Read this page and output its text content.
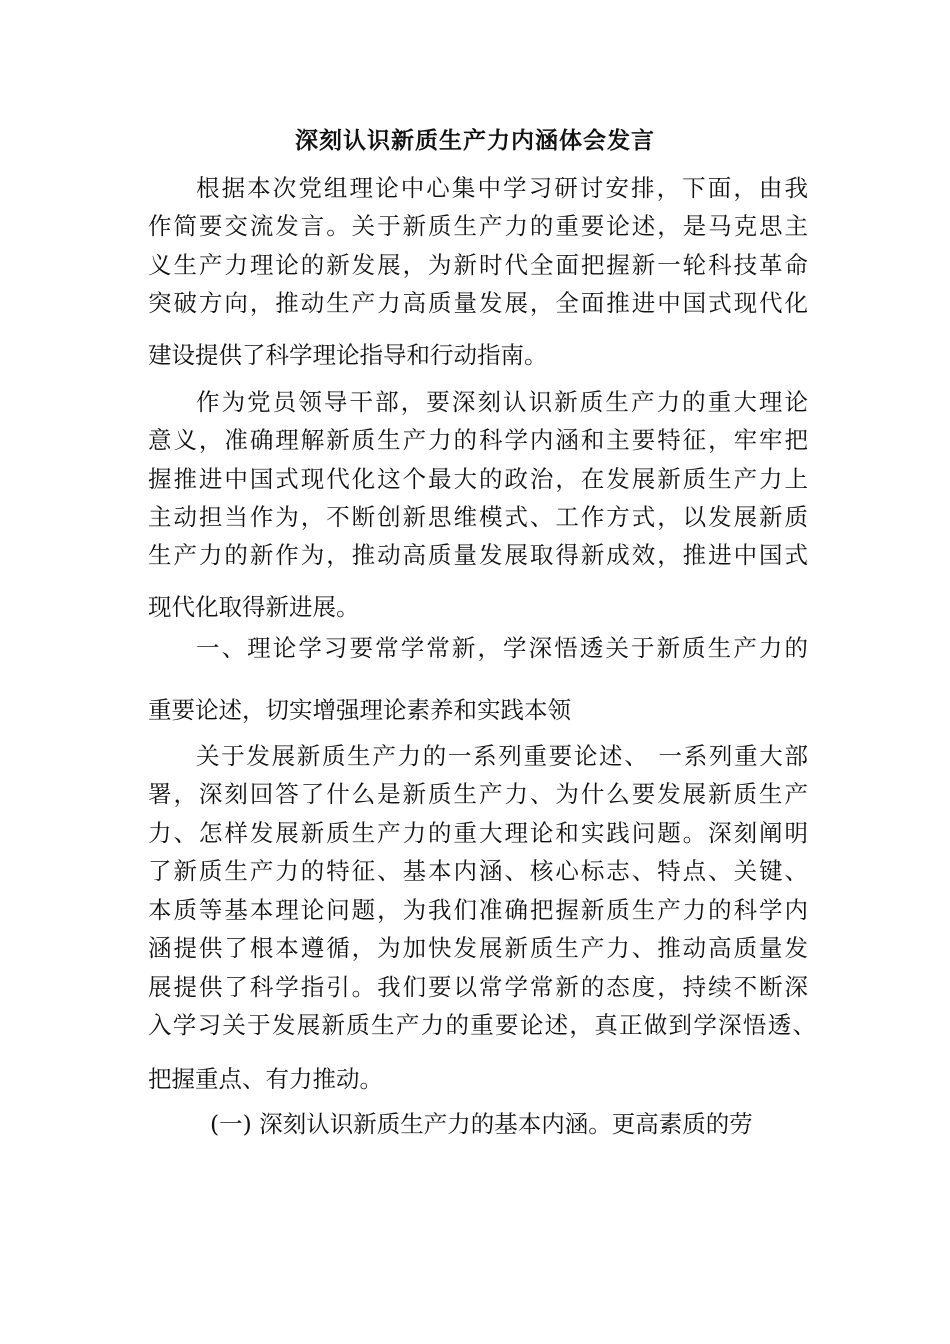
深刻认识新质生产力内涵体会发言
根据本次党组理论中心集中学习研讨安排，下面，由我
作简要交流发言。关于新质生产力的重要论述，是马克思主
义生产力理论的新发展，为新时代全面把握新一轮科技革命
突破方向，推动生产力高质量发展，全面推进中国式现代化
建设提供了科学理论指导和行动指南。
作为党员领导干部，要深刻认识新质生产力的重大理论
意义，准确理解新质生产力的科学内涵和主要特征，牢牢把
握推进中国式现代化这个最大的政治，在发展新质生产力上
主动担当作为，不断创新思维模式、工作方式，以发展新质
生产力的新作为，推动高质量发展取得新成效，推进中国式
现代化取得新进展。
一、理论学习要常学常新，学深悟透关于新质生产力的
重要论述，切实增强理论素养和实践本领
关于发展新质生产力的一系列重要论述、 一系列重大部
署，深刻回答了什么是新质生产力、为什么要发展新质生产
力、怎样发展新质生产力的重大理论和实践问题。深刻阐明
了新质生产力的特征、基本内涵、核心标志、特点、关键、
本质等基本理论问题，为我们准确把握新质生产力的科学内
涵提供了根本遵循，为加快发展新质生产力、推动高质量发
展提供了科学指引。我们要以常学常新的态度，持续不断深
入学习关于发展新质生产力的重要论述，真正做到学深悟透、
把握重点、有力推动。
(一) 深刻认识新质生产力的基本内涵。更高素质的劳
